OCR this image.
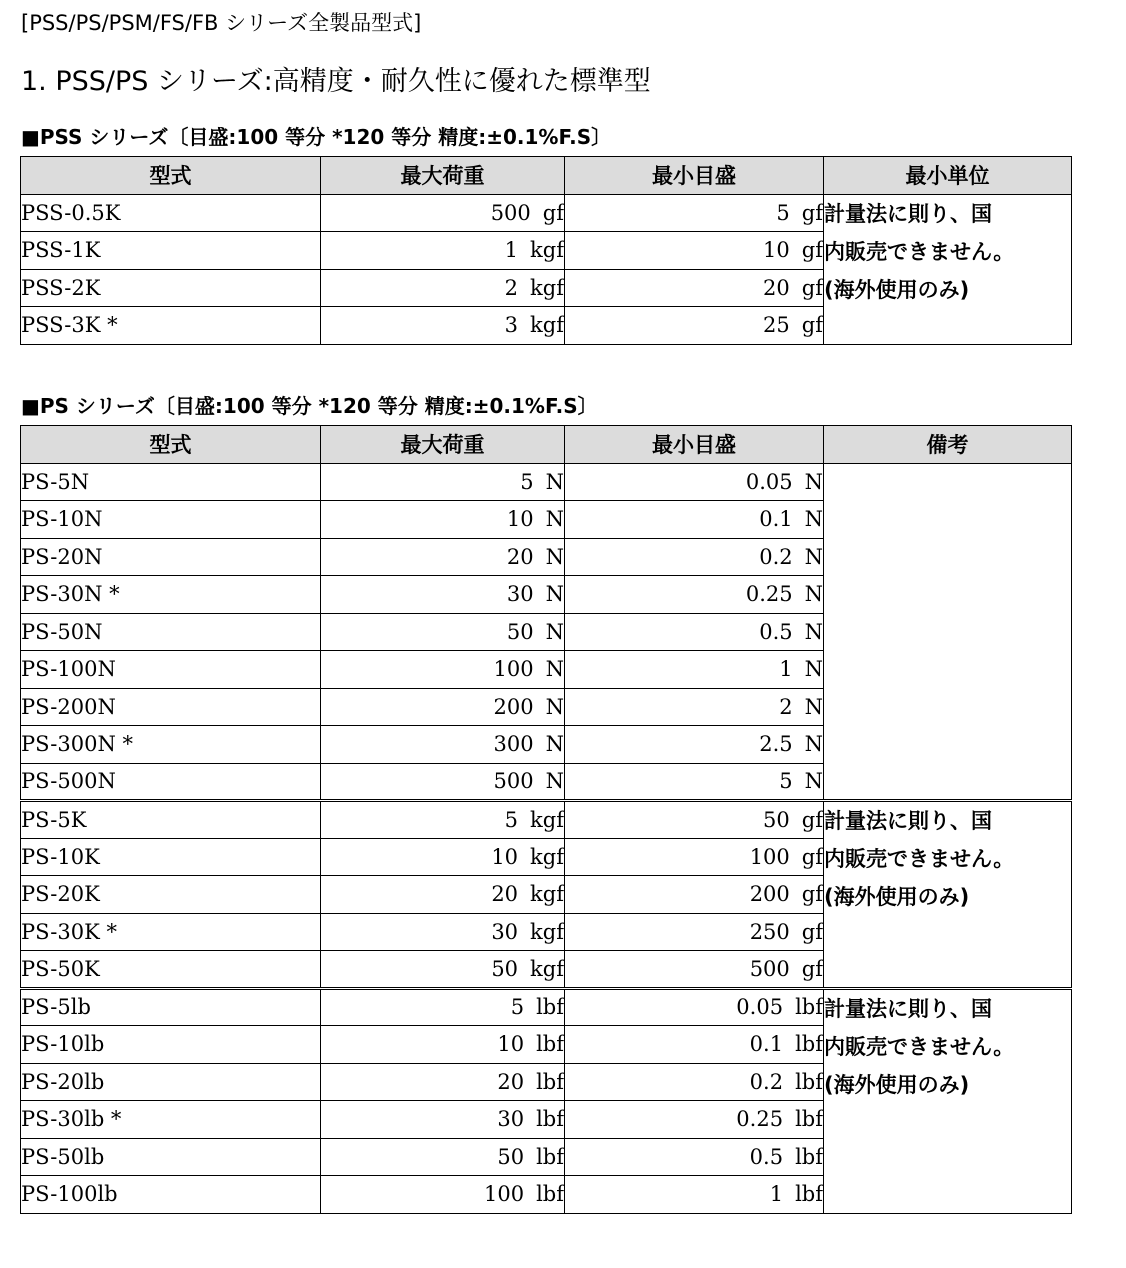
[PSS/PS/PSM/FS/FB シリーズ全製品型式]
1. PSS/PS シリーズ:高精度・耐久性に優れた標準型
■PSS シリーズ〔目盛:100 等分 *120 等分 精度:±0.1%F.S〕
型式	最大荷重	最小目盛	最小単位
PSS-0.5K	500 gf	5 gf	計量法に則り、国
内販売できません。
(海外使用のみ)

PSS-1K	1 kgf	10 gf	
PSS-2K	2 kgf	20 gf	
PSS-3K *	3 kgf	25 gf	
■PS シリーズ〔目盛:100 等分 *120 等分 精度:±0.1%F.S〕
型式	最大荷重	最小目盛	備考
PS-5N	5 N	0.05 N	
PS-10N	10 N	0.1 N	
PS-20N	20 N	0.2 N	
PS-30N *	30 N	0.25 N	
PS-50N	50 N	0.5 N	
PS-100N	100 N	1 N	
PS-200N	200 N	2 N	
PS-300N *	300 N	2.5 N	
PS-500N	500 N	5 N	
PS-5K	5 kgf	50 gf	計量法に則り、国
内販売できません。
(海外使用のみ)

PS-10K	10 kgf	100 gf	
PS-20K	20 kgf	200 gf	
PS-30K *	30 kgf	250 gf	
PS-50K	50 kgf	500 gf	
PS-5lb	5 lbf	0.05 lbf	計量法に則り、国
内販売できません。
(海外使用のみ)

PS-10lb	10 lbf	0.1 lbf	
PS-20lb	20 lbf	0.2 lbf	
PS-30lb *	30 lbf	0.25 lbf	
PS-50lb	50 lbf	0.5 lbf	
PS-100lb	100 lbf	1 lbf	
